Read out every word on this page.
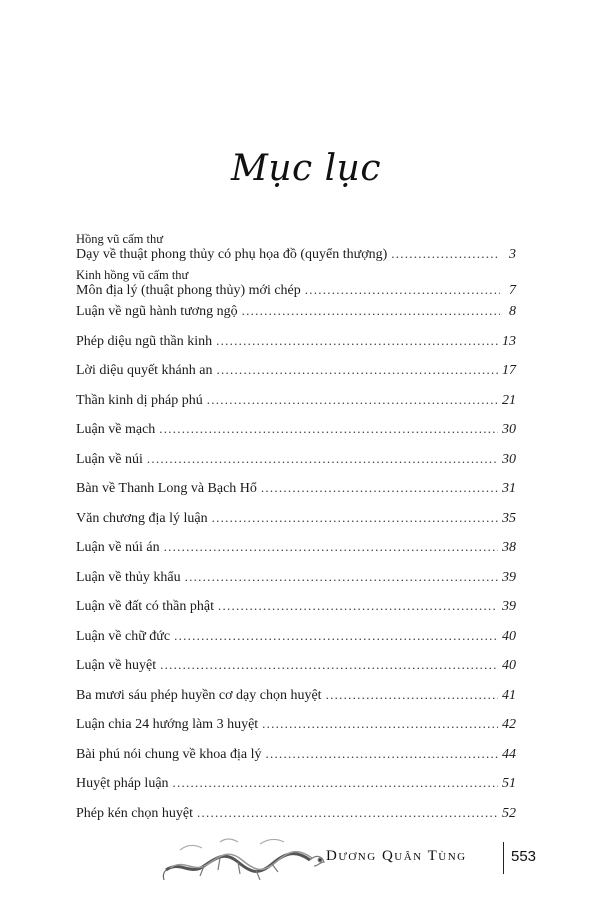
Mục lục
Hồng vũ cấm thư
Dạy về thuật phong thủy có phụ họa đồ (quyển thượng) . . .	3
Kinh hồng vũ cấm thư
Môn địa lý (thuật phong thủy) mới chép . . .	7
Luận về ngũ hành tương ngộ . . .	8
Phép diệu ngũ thần kinh . . .	13
Lời diệu quyết khánh an . . .	17
Thần kinh dị pháp phú . . .	21
Luận về mạch . . .	30
Luận về núi . . .	30
Bàn về Thanh Long và Bạch Hổ . . .	31
Văn chương địa lý luận . . .	35
Luận về núi án . . .	38
Luận về thủy khẩu . . .	39
Luận về đất có thần phật . . .	39
Luận về chữ đức . . .	40
Luận về huyệt . . .	40
Ba mươi sáu phép huyền cơ dạy chọn huyệt . . .	41
Luận chia 24 hướng làm 3 huyệt . . .	42
Bài phú nói chung về khoa địa lý . . .	44
Huyệt pháp luận . . .	51
Phép kén chọn huyệt . . .	52
Dương Quân Tùng	553
